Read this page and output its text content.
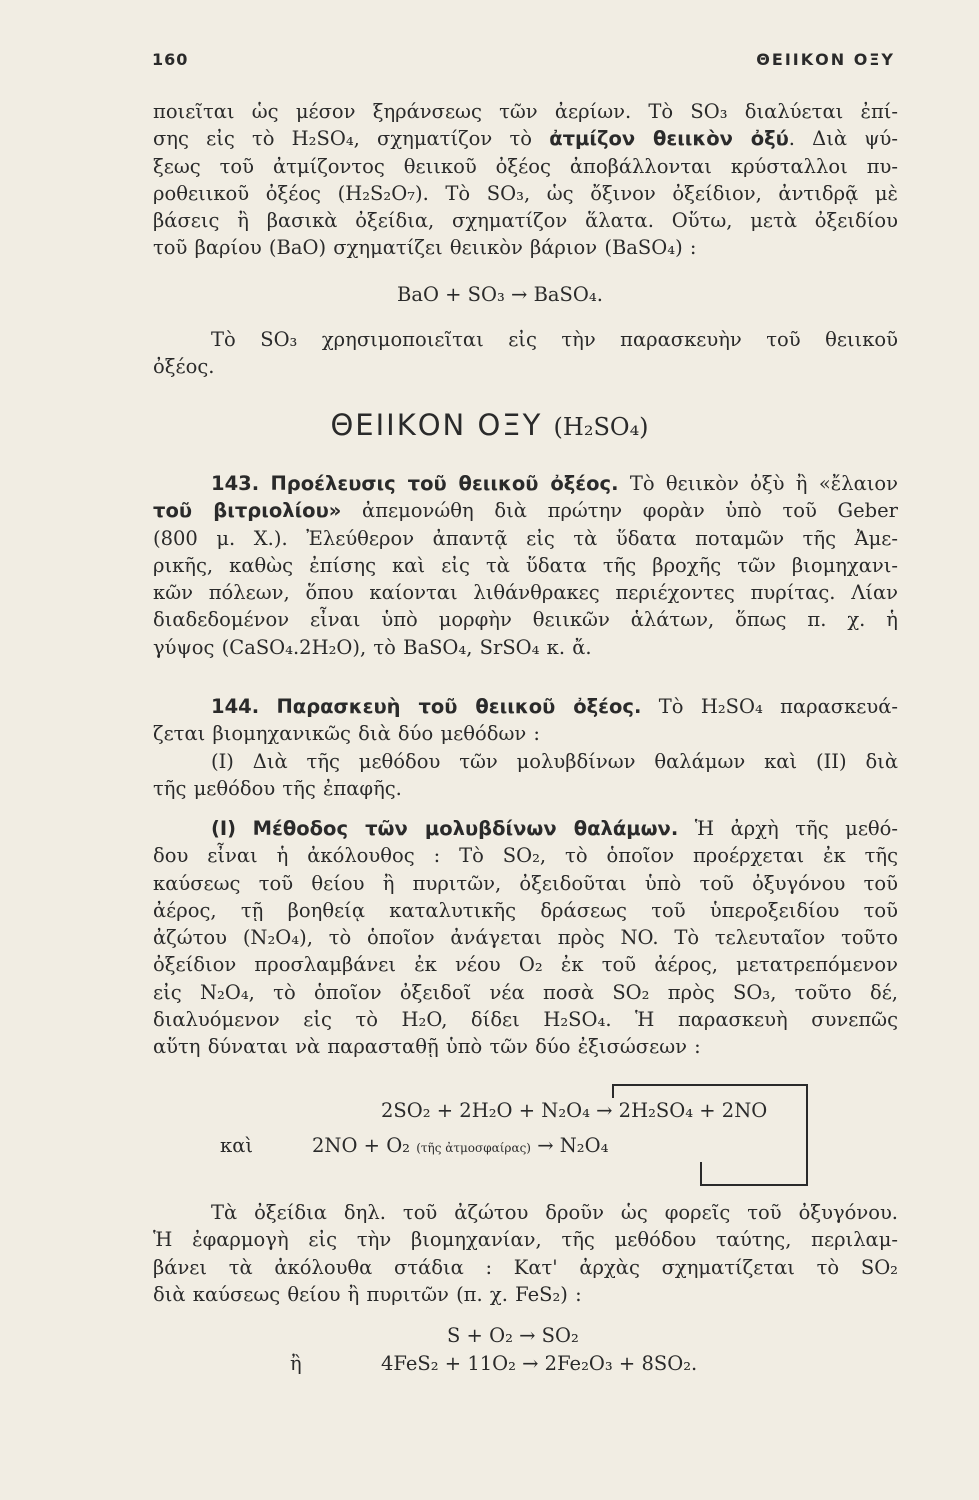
160	ΘΕΙΙΚΟΝ ΟΞΥ
ποιεῖται ὡς μέσον ξηράνσεως τῶν ἀερίων. Τὸ SO₃ διαλύεται ἐπί-
σης εἰς τὸ H₂SO₄, σχηματίζον τὸ ἀτμίζον θειικὸν ὀξύ. Διὰ ψύ-
ξεως τοῦ ἀτμίζοντος θειικοῦ ὀξέος ἀποβάλλονται κρύσταλλοι πυ-
ροθειικοῦ ὀξέος (H₂S₂O₇). Τὸ SO₃, ὡς ὄξινον ὀξείδιον, ἀντιδρᾷ μὲ
βάσεις ἢ βασικὰ ὀξείδια, σχηματίζον ἅλατα. Οὕτω, μετὰ ὀξειδίου
τοῦ βαρίου (BaO) σχηματίζει θειικὸν βάριον (BaSO₄) :
BaO + SO₃ → BaSO₄.
Τὸ SO₃ χρησιμοποιεῖται εἰς τὴν παρασκευὴν τοῦ θειικοῦ
ὀξέος.
ΘΕΙΙΚΟΝ ΟΞΥ (H₂SO₄)
143. Προέλευσις τοῦ θειικοῦ ὀξέος. Τὸ θειικὸν ὀξὺ ἢ «ἔλαιον
τοῦ βιτριολίου» ἀπεμονώθη διὰ πρώτην φορὰν ὑπὸ τοῦ Geber
(800 μ. Χ.). Ἐλεύθερον ἀπαντᾷ εἰς τὰ ὕδατα ποταμῶν τῆς Ἀμε-
ρικῆς, καθὼς ἐπίσης καὶ εἰς τὰ ὕδατα τῆς βροχῆς τῶν βιομηχανι-
κῶν πόλεων, ὅπου καίονται λιθάνθρακες περιέχοντες πυρίτας. Λίαν
διαδεδομένον εἶναι ὑπὸ μορφὴν θειικῶν ἁλάτων, ὅπως π. χ. ἡ
γύψος (CaSO₄.2H₂O), τὸ BaSO₄, SrSO₄ κ. ἄ.
144. Παρασκευὴ τοῦ θειικοῦ ὀξέος. Τὸ H₂SO₄ παρασκευά-
ζεται βιομηχανικῶς διὰ δύο μεθόδων :
(I) Διὰ τῆς μεθόδου τῶν μολυβδίνων θαλάμων καὶ (II) διὰ
τῆς μεθόδου τῆς ἐπαφῆς.
(I) Μέθοδος τῶν μολυβδίνων θαλάμων. Ἡ ἀρχὴ τῆς μεθό-
δου εἶναι ἡ ἀκόλουθος : Τὸ SO₂, τὸ ὁποῖον προέρχεται ἐκ τῆς
καύσεως τοῦ θείου ἢ πυριτῶν, ὀξειδοῦται ὑπὸ τοῦ ὀξυγόνου τοῦ
ἀέρος, τῇ βοηθείᾳ καταλυτικῆς δράσεως τοῦ ὑπεροξειδίου τοῦ
ἀζώτου (N₂O₄), τὸ ὁποῖον ἀνάγεται πρὸς NO. Τὸ τελευταῖον τοῦτο
ὀξείδιον προσλαμβάνει ἐκ νέου O₂ ἐκ τοῦ ἀέρος, μετατρεπόμενον
εἰς N₂O₄, τὸ ὁποῖον ὀξειδοῖ νέα ποσὰ SO₂ πρὸς SO₃, τοῦτο δέ,
διαλυόμενον εἰς τὸ H₂O, δίδει H₂SO₄. Ἡ παρασκευὴ συνεπῶς
αὕτη δύναται νὰ παρασταθῇ ὑπὸ τῶν δύο ἐξισώσεων :
2SO₂ + 2H₂O + N₂O₄ → 2H₂SO₄ + 2NO
καὶ	2NO + O₂ (τῆς ἀτμοσφαίρας) → N₂O₄
Τὰ ὀξείδια δηλ. τοῦ ἀζώτου δροῦν ὡς φορεῖς τοῦ ὀξυγόνου.
Ἡ ἐφαρμογὴ εἰς τὴν βιομηχανίαν, τῆς μεθόδου ταύτης, περιλαμ-
βάνει τὰ ἀκόλουθα στάδια : Κατ' ἀρχὰς σχηματίζεται τὸ SO₂
διὰ καύσεως θείου ἢ πυριτῶν (π. χ. FeS₂) :
S + O₂ → SO₂
ἢ	4FeS₂ + 11O₂ → 2Fe₂O₃ + 8SO₂.
